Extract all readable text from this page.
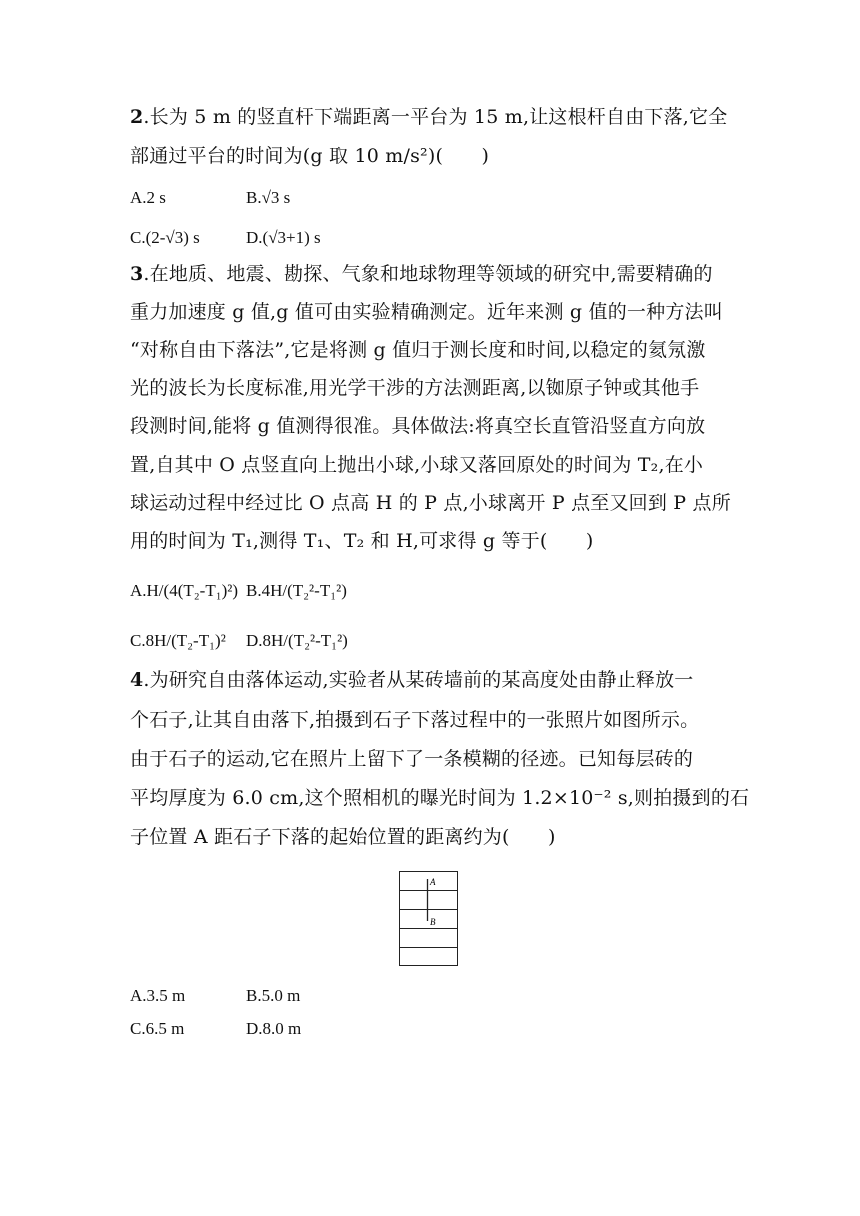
2.长为 5 m 的竖直杆下端距离一平台为 15 m,让这根杆自由下落,它全
部通过平台的时间为(g 取 10 m/s²)(　　)
A.2 s	B.√3 s
C.(2-√3) s	D.(√3+1) s
3.在地质、地震、勘探、气象和地球物理等领域的研究中,需要精确的
重力加速度 g 值,g 值可由实验精确测定。近年来测 g 值的一种方法叫
“对称自由下落法”,它是将测 g 值归于测长度和时间,以稳定的氦氖激
光的波长为长度标准,用光学干涉的方法测距离,以铷原子钟或其他手
段测时间,能将 g 值测得很准。具体做法:将真空长直管沿竖直方向放
置,自其中 O 点竖直向上抛出小球,小球又落回原处的时间为 T₂,在小
球运动过程中经过比 O 点高 H 的 P 点,小球离开 P 点至又回到 P 点所
用的时间为 T₁,测得 T₁、T₂ 和 H,可求得 g 等于(　　)
A.H/(4(T₂-T₁)²) B.4H/(T₂²-T₁²)
C.8H/(T₂-T₁)² D.8H/(T₂²-T₁²)
4.为研究自由落体运动,实验者从某砖墙前的某高度处由静止释放一
个石子,让其自由落下,拍摄到石子下落过程中的一张照片如图所示。
由于石子的运动,它在照片上留下了一条模糊的径迹。已知每层砖的
平均厚度为 6.0 cm,这个照相机的曝光时间为 1.2×10⁻² s,则拍摄到的石
子位置 A 距石子下落的起始位置的距离约为(　　)
A.3.5 m	B.5.0 m
C.6.5 m	D.8.0 m
A
B
